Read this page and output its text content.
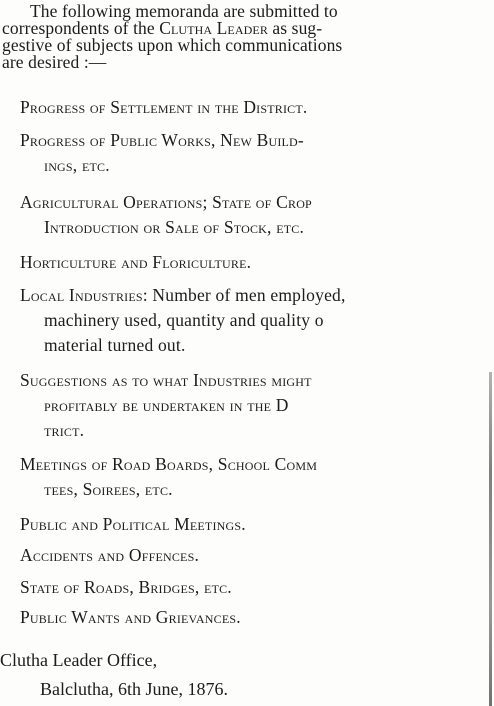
The following memoranda are submitted to
correspondents of the Clutha Leader as sug-
gestive of subjects upon which communications
are desired :—
Progress of Settlement in the District.
Progress of Public Works, New Build-
ings, etc.
Agricultural Operations; State of Crop
Introduction or Sale of Stock, etc.
Horticulture and Floriculture.
Local Industries: Number of men employed,
machinery used, quantity and quality o
material turned out.
Suggestions as to what Industries might
profitably be undertaken in the D
trict.
Meetings of Road Boards, School Comm
tees, Soirees, etc.
Public and Political Meetings.
Accidents and Offences.
State of Roads, Bridges, etc.
Public Wants and Grievances.
Clutha Leader Office,
Balclutha, 6th June, 1876.
